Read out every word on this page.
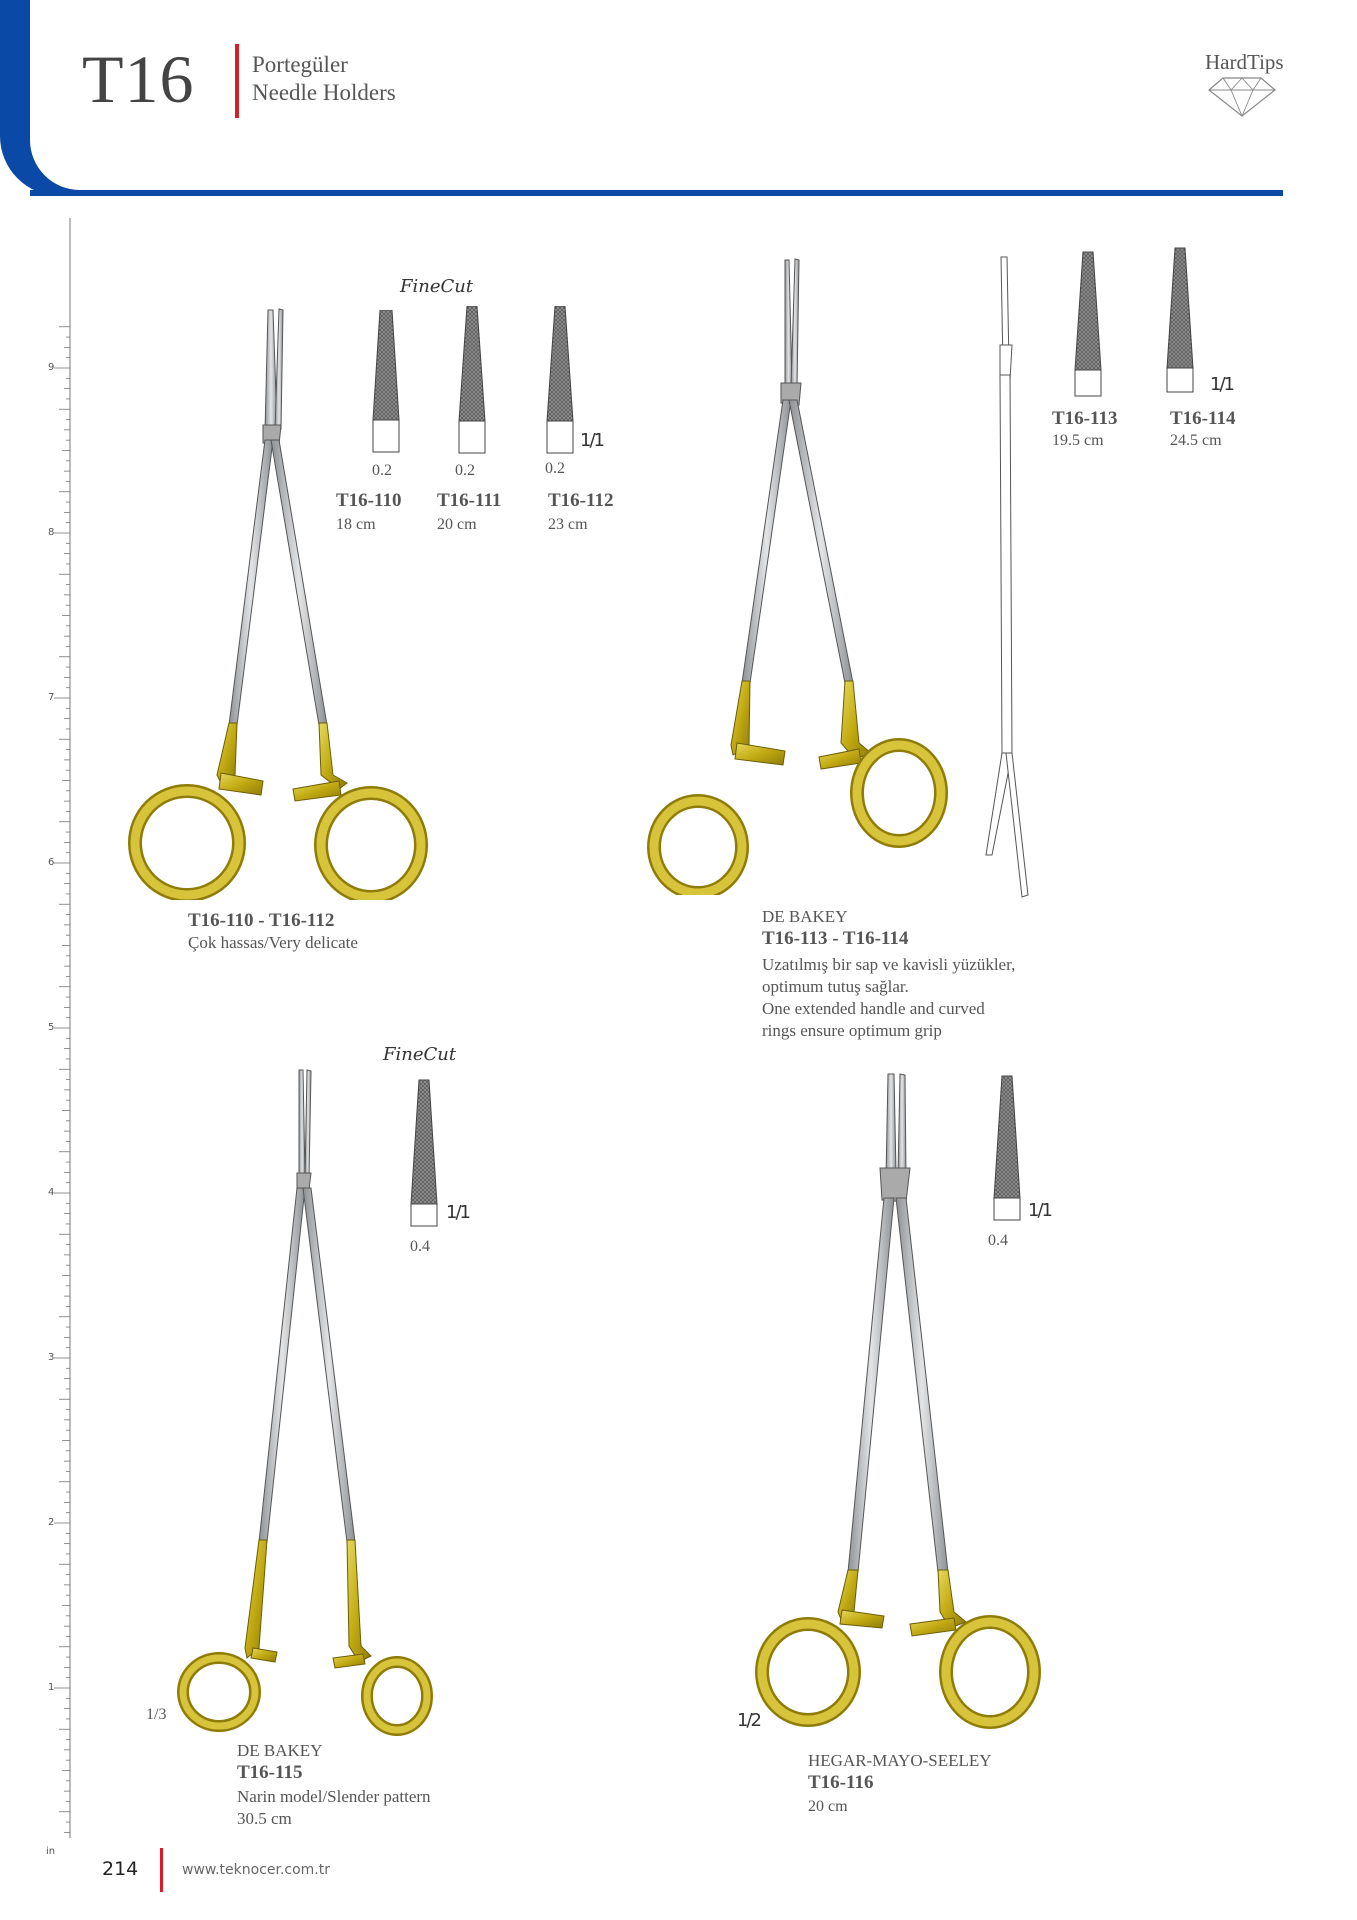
T16 Portegüler
Needle Holders
HardTips
9
8
7
6
5
4
3
2
1
in
FineCut
1/1
0.2	0.2	0.2
T16-110
18 cm
T16-111
20 cm
T16-112
23 cm
T16-110 - T16-112
Çok hassas/Very delicate
1/1
T16-113
19.5 cm
T16-114
24.5 cm
DE BAKEY
T16-113 - T16-114
Uzatılmış bir sap ve kavisli yüzükler,
optimum tutuş sağlar.
One extended handle and curved
rings ensure optimum grip
FineCut
1/1
0.4
1/3
DE BAKEY
T16-115
Narin model/Slender pattern
30.5 cm
1/1
0.4
1/2
HEGAR-MAYO-SEELEY
T16-116
20 cm
214	www.teknocer.com.tr
